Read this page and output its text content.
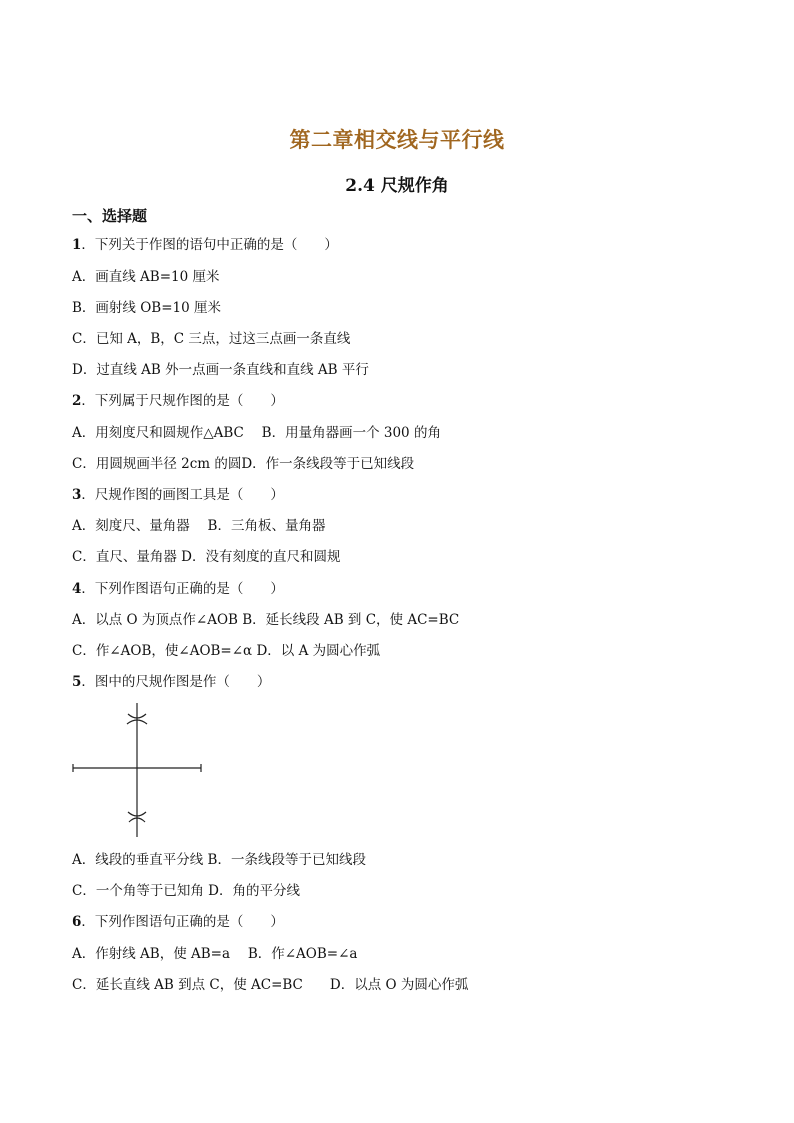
第二章相交线与平行线
2.4 尺规作角
一、选择题
1．下列关于作图的语句中正确的是（　　）
A．画直线 AB=10 厘米
B．画射线 OB=10 厘米
C．已知 A，B，C 三点，过这三点画一条直线
D．过直线 AB 外一点画一条直线和直线 AB 平行
2．下列属于尺规作图的是（　　）
A．用刻度尺和圆规作△ABC　 B．用量角器画一个 300 的角
C．用圆规画半径 2cm 的圆D．作一条线段等于已知线段
3．尺规作图的画图工具是（　　）
A．刻度尺、量角器　 B．三角板、量角器
C．直尺、量角器 D．没有刻度的直尺和圆规
4．下列作图语句正确的是（　　）
A．以点 O 为顶点作∠AOB B．延长线段 AB 到 C，使 AC=BC
C．作∠AOB，使∠AOB=∠α D．以 A 为圆心作弧
5．图中的尺规作图是作（　　）
A．线段的垂直平分线 B．一条线段等于已知线段
C．一个角等于已知角 D．角的平分线
6．下列作图语句正确的是（　　）
A．作射线 AB，使 AB=a　 B．作∠AOB=∠a
C．延长直线 AB 到点 C，使 AC=BC　　D．以点 O 为圆心作弧
